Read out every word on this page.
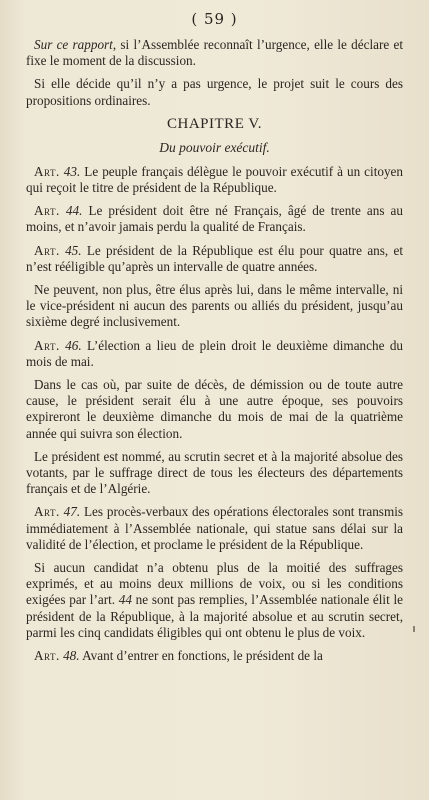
( 59 )

Sur ce rapport, si l’Assemblée reconnaît l’urgence, elle le déclare et fixe le moment de la discussion.

Si elle décide qu’il n’y a pas urgence, le projet suit le cours des propositions ordinaires.

CHAPITRE V.
Du pouvoir exécutif.

Art. 43. Le peuple français délègue le pouvoir exécutif à un citoyen qui reçoit le titre de président de la République.

Art. 44. Le président doit être né Français, âgé de trente ans au moins, et n’avoir jamais perdu la qualité de Français.

Art. 45. Le président de la République est élu pour quatre ans, et n’est rééligible qu’après un intervalle de quatre années.

Ne peuvent, non plus, être élus après lui, dans le même intervalle, ni le vice-président ni aucun des parents ou alliés du président, jusqu’au sixième degré inclusivement.

Art. 46. L’élection a lieu de plein droit le deuxième dimanche du mois de mai.

Dans le cas où, par suite de décès, de démission ou de toute autre cause, le président serait élu à une autre époque, ses pouvoirs expireront le deuxième dimanche du mois de mai de la quatrième année qui suivra son élection.

Le président est nommé, au scrutin secret et à la majorité absolue des votants, par le suffrage direct de tous les électeurs des départements français et de l’Algérie.

Art. 47. Les procès-verbaux des opérations électorales sont transmis immédiatement à l’Assemblée nationale, qui statue sans délai sur la validité de l’élection, et proclame le président de la République.

Si aucun candidat n’a obtenu plus de la moitié des suffrages exprimés, et au moins deux millions de voix, ou si les conditions exigées par l’art. 44 ne sont pas remplies, l’Assemblée nationale élit le président de la République, à la majorité absolue et au scrutin secret, parmi les cinq candidats éligibles qui ont obtenu le plus de voix.

Art. 48. Avant d’entrer en fonctions, le président de la
